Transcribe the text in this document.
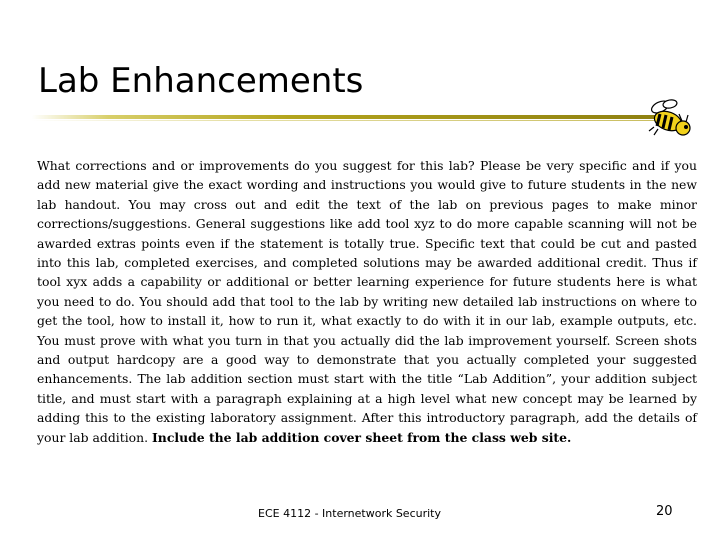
Lab Enhancements
What corrections and or improvements do you suggest for this lab? Please be very specific and if you add new material give the exact wording and instructions you would give to future students in the new lab handout. You may cross out and edit the text of the lab on previous pages to make minor corrections/suggestions. General suggestions like add tool xyz to do more capable scanning will not be awarded extras points even if the statement is totally true. Specific text that could be cut and pasted into this lab, completed exercises, and completed solutions may be awarded additional credit. Thus if tool xyx adds a capability or additional or better learning experience for future students here is what you need to do. You should add that tool to the lab by writing new detailed lab instructions on where to get the tool, how to install it, how to run it, what exactly to do with it in our lab, example outputs, etc. You must prove with what you turn in that you actually did the lab improvement yourself. Screen shots and output hardcopy are a good way to demonstrate that you actually completed your suggested enhancements. The lab addition section must start with the title “Lab Addition”, your addition subject title, and must start with a paragraph explaining at a high level what new concept may be learned by adding this to the existing laboratory assignment. After this introductory paragraph, add the details of your lab addition. Include the lab addition cover sheet from the class web site.
ECE 4112 - Internetwork Security	20
